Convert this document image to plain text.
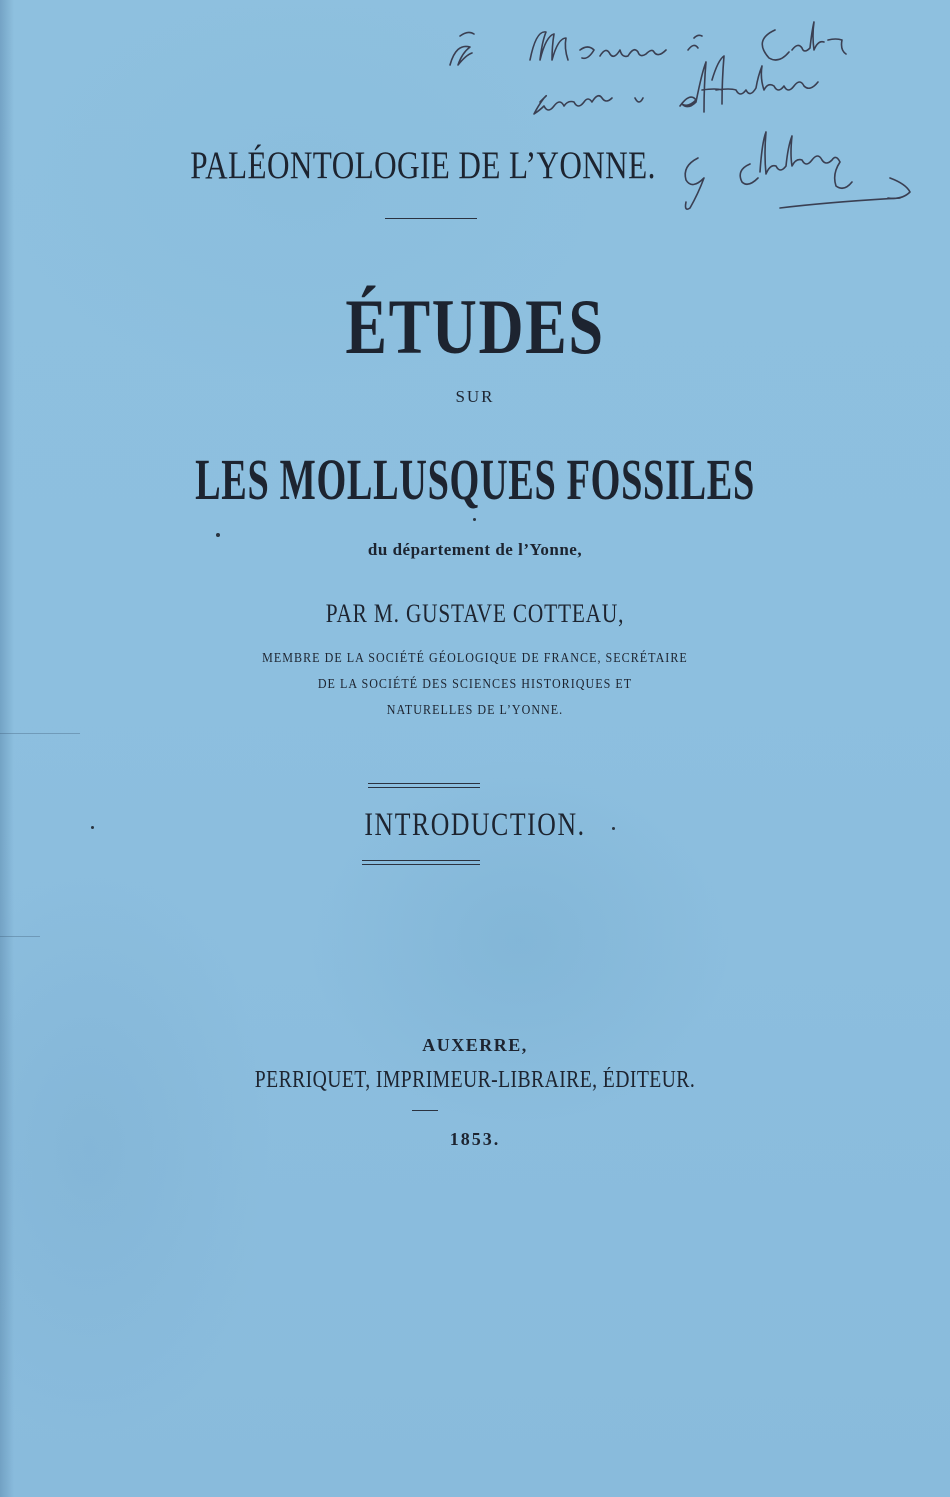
PALÉONTOLOGIE DE L’YONNE.

ÉTUDES

SUR

LES MOLLUSQUES FOSSILES

du département de l’Yonne,

PAR M. GUSTAVE COTTEAU,

MEMBRE DE LA SOCIÉTÉ GÉOLOGIQUE DE FRANCE, SECRÉTAIRE

DE LA SOCIÉTÉ DES SCIENCES HISTORIQUES ET

NATURELLES DE L’YONNE.

INTRODUCTION.

AUXERRE,

PERRIQUET, IMPRIMEUR-LIBRAIRE, ÉDITEUR.

1853.
